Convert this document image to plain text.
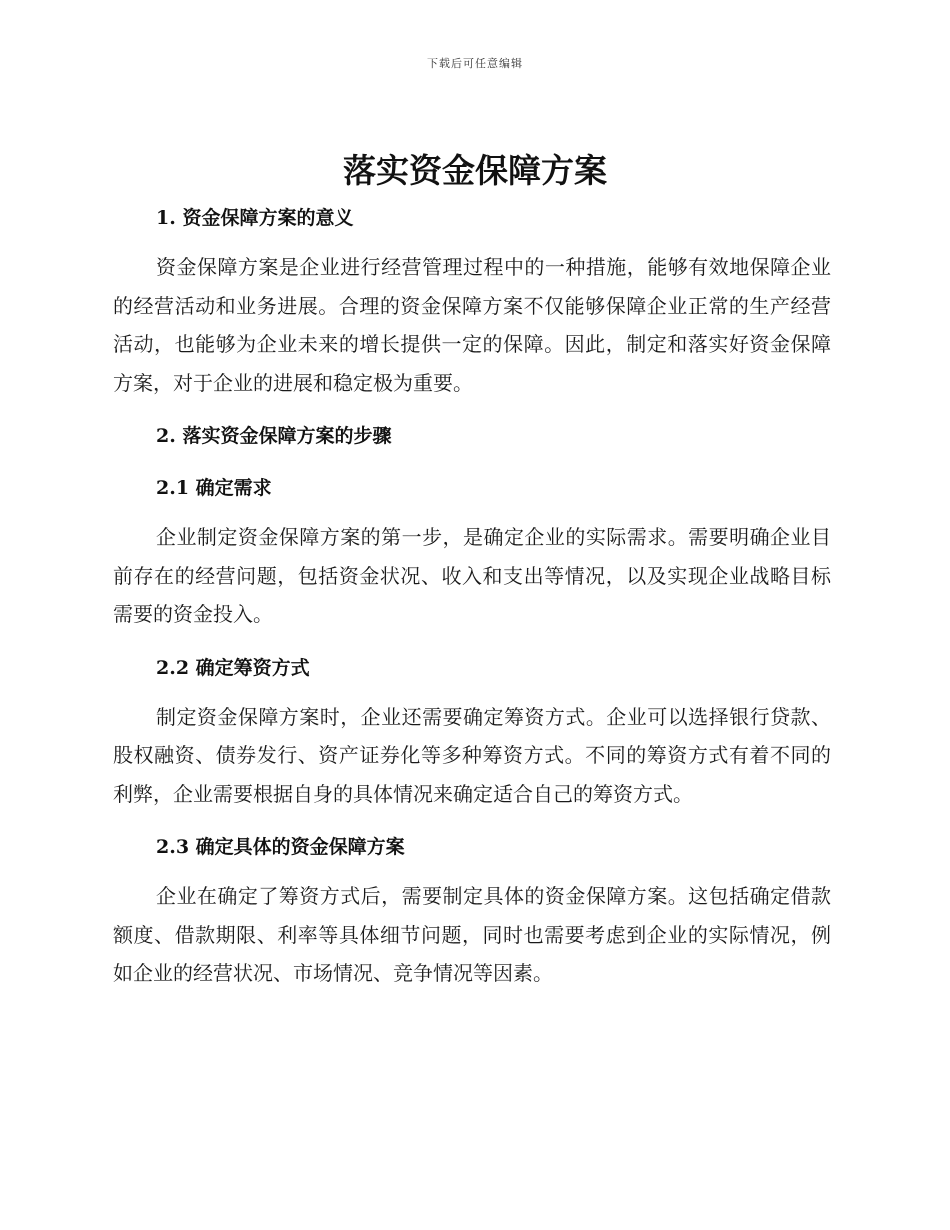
下载后可任意编辑
落实资金保障方案
1. 资金保障方案的意义

资金保障方案是企业进行经营管理过程中的一种措施，能够有效地保障企业的经营活动和业务进展。合理的资金保障方案不仅能够保障企业正常的生产经营活动，也能够为企业未来的增长提供一定的保障。因此，制定和落实好资金保障方案，对于企业的进展和稳定极为重要。

2. 落实资金保障方案的步骤
2.1 确定需求

企业制定资金保障方案的第一步，是确定企业的实际需求。需要明确企业目前存在的经营问题，包括资金状况、收入和支出等情况，以及实现企业战略目标需要的资金投入。

2.2 确定筹资方式

制定资金保障方案时，企业还需要确定筹资方式。企业可以选择银行贷款、股权融资、债券发行、资产证券化等多种筹资方式。不同的筹资方式有着不同的利弊，企业需要根据自身的具体情况来确定适合自己的筹资方式。

2.3 确定具体的资金保障方案

企业在确定了筹资方式后，需要制定具体的资金保障方案。这包括确定借款额度、借款期限、利率等具体细节问题，同时也需要考虑到企业的实际情况，例如企业的经营状况、市场情况、竞争情况等因素。
